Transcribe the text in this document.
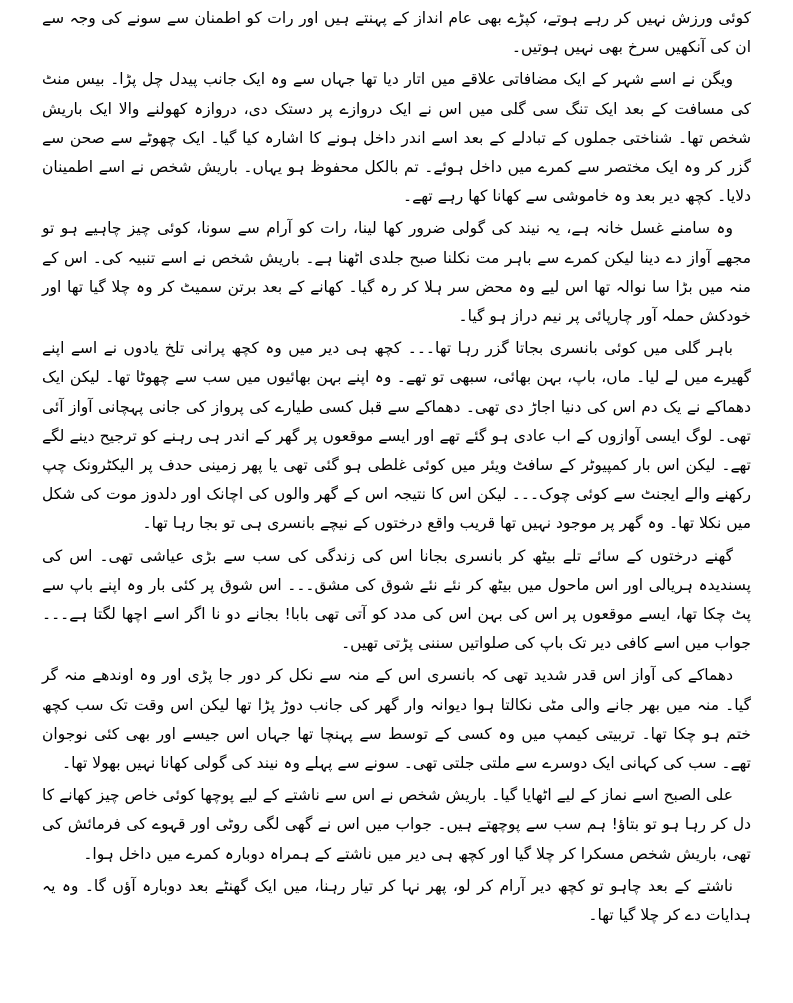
کوئی ورزش نہیں کر رہے ہوتے، کپڑے بھی عام انداز کے پہنتے ہیں اور رات کو اطمنان سے سونے کی وجہ سے ان کی آنکھیں سرخ بھی نہیں ہوتیں۔

ویگن نے اسے شہر کے ایک مضافاتی علاقے میں اتار دیا تھا جہاں سے وہ ایک جانب پیدل چل پڑا۔ بیس منٹ کی مسافت کے بعد ایک تنگ سی گلی میں اس نے ایک دروازے پر دستک دی، دروازہ کھولنے والا ایک باریش شخص تھا۔ شناختی جملوں کے تبادلے کے بعد اسے اندر داخل ہونے کا اشارہ کیا گیا۔ ایک چھوٹے سے صحن سے گزر کر وہ ایک مختصر سے کمرے میں داخل ہوئے۔ تم بالکل محفوظ ہو یہاں۔ باریش شخص نے اسے اطمینان دلایا۔ کچھ دیر بعد وہ خاموشی سے کھانا کھا رہے تھے۔

وہ سامنے غسل خانہ ہے، یہ نیند کی گولی ضرور کھا لینا، رات کو آرام سے سونا، کوئی چیز چاہیے ہو تو مجھے آواز دے دینا لیکن کمرے سے باہر مت نکلنا صبح جلدی اٹھنا ہے۔ باریش شخص نے اسے تنبیہ کی۔ اس کے منہ میں بڑا سا نوالہ تھا اس لیے وہ محض سر ہلا کر رہ گیا۔ کھانے کے بعد برتن سمیٹ کر وہ چلا گیا تھا اور خودکش حملہ آور چارپائی پر نیم دراز ہو گیا۔

باہر گلی میں کوئی بانسری بجاتا گزر رہا تھا۔۔۔ کچھ ہی دیر میں وہ کچھ پرانی تلخ یادوں نے اسے اپنے گھیرے میں لے لیا۔ ماں، باپ، بہن بھائی، سبھی تو تھے۔ وہ اپنے بہن بھائیوں میں سب سے چھوٹا تھا۔ لیکن ایک دھماکے نے یک دم اس کی دنیا اجاڑ دی تھی۔ دھماکے سے قبل کسی طیارے کی پرواز کی جانی پہچانی آواز آئی تھی۔ لوگ ایسی آوازوں کے اب عادی ہو گئے تھے اور ایسے موقعوں پر گھر کے اندر ہی رہنے کو ترجیح دینے لگے تھے۔ لیکن اس بار کمپیوٹر کے سافٹ ویئر میں کوئی غلطی ہو گئی تھی یا پھر زمینی حدف پر الیکٹرونک چپ رکھنے والے ایجنٹ سے کوئی چوک۔۔۔ لیکن اس کا نتیجہ اس کے گھر والوں کی اچانک اور دلدوز موت کی شکل میں نکلا تھا۔ وہ گھر پر موجود نہیں تھا قریب واقع درختوں کے نیچے بانسری ہی تو بجا رہا تھا۔

گھنے درختوں کے سائے تلے بیٹھ کر بانسری بجانا اس کی زندگی کی سب سے بڑی عیاشی تھی۔ اس کی پسندیدہ ہریالی اور اس ماحول میں بیٹھ کر نئے نئے شوق کی مشق۔۔۔ اس شوق پر کئی بار وہ اپنے باپ سے پٹ چکا تھا، ایسے موقعوں پر اس کی بہن اس کی مدد کو آتی تھی بابا! بجانے دو نا اگر اسے اچھا لگتا ہے۔۔۔ جواب میں اسے کافی دیر تک باپ کی صلواتیں سننی پڑتی تھیں۔

دھماکے کی آواز اس قدر شدید تھی کہ بانسری اس کے منہ سے نکل کر دور جا پڑی اور وہ اوندھے منہ گر گیا۔ منہ میں بھر جانے والی مٹی نکالتا ہوا دیوانہ وار گھر کی جانب دوڑ پڑا تھا لیکن اس وقت تک سب کچھ ختم ہو چکا تھا۔ تربیتی کیمپ میں وہ کسی کے توسط سے پہنچا تھا جہاں اس جیسے اور بھی کئی نوجوان تھے۔ سب کی کہانی ایک دوسرے سے ملتی جلتی تھی۔ سونے سے پہلے وہ نیند کی گولی کھانا نہیں بھولا تھا۔

علی الصبح اسے نماز کے لیے اٹھایا گیا۔ باریش شخص نے اس سے ناشتے کے لیے پوچھا کوئی خاص چیز کھانے کا دل کر رہا ہو تو بتاؤ! ہم سب سے پوچھتے ہیں۔ جواب میں اس نے گھی لگی روٹی اور قہوے کی فرمائش کی تھی، باریش شخص مسکرا کر چلا گیا اور کچھ ہی دیر میں ناشتے کے ہمراہ دوبارہ کمرے میں داخل ہوا۔

ناشتے کے بعد چاہو تو کچھ دیر آرام کر لو، پھر نہا کر تیار رہنا، میں ایک گھنٹے بعد دوبارہ آؤں گا۔ وہ یہ ہدایات دے کر چلا گیا تھا۔
